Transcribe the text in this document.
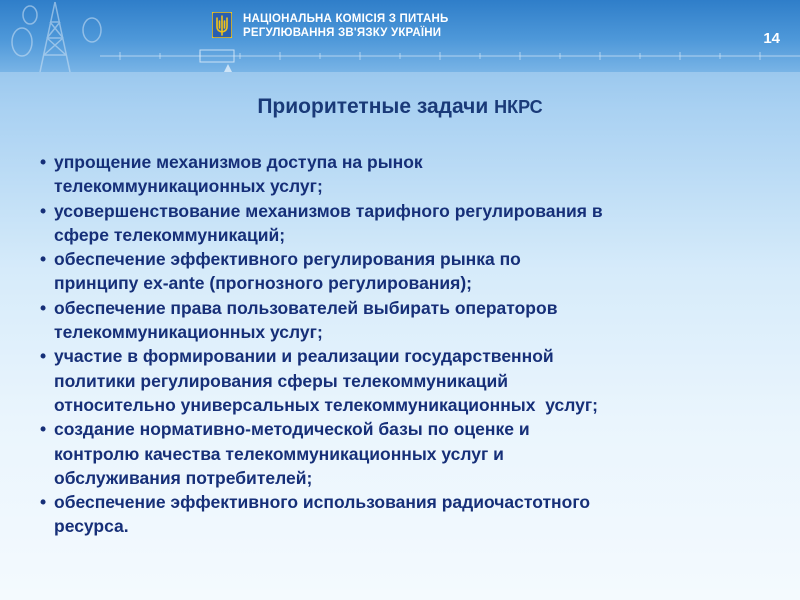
НАЦІОНАЛЬНА КОМІСІЯ З ПИТАНЬ
РЕГУЛЮВАННЯ ЗВ'ЯЗКУ УКРАЇНИ	14
Приоритетные задачи НКРС
• упрощение механизмов доступа на рынок
телекоммуникационных услуг;
• усовершенствование механизмов тарифного регулирования в
сфере телекоммуникаций;
• обеспечение эффективного регулирования рынка по
принципу ex-ante (прогнозного регулирования);
• обеспечение права пользователей выбирать операторов
телекоммуникационных услуг;
• участие в формировании и реализации государственной
политики регулирования сферы телекоммуникаций
относительно универсальных телекоммуникационных  услуг;
• создание нормативно-методической базы по оценке и
контролю качества телекоммуникационных услуг и
обслуживания потребителей;
• обеспечение эффективного использования радиочастотного
ресурса.
